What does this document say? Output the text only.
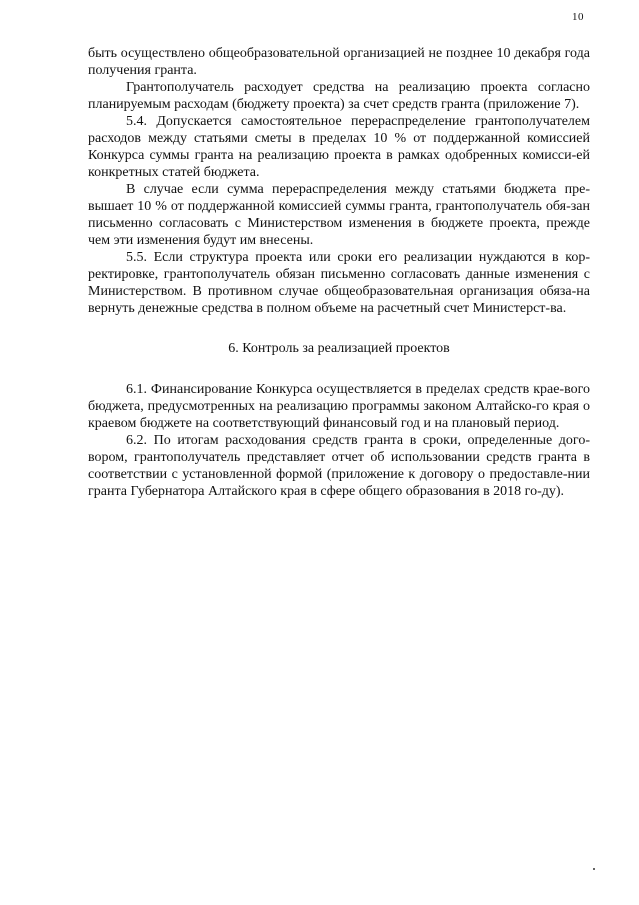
10

быть осуществлено общеобразовательной организацией не позднее 10 декабря года получения гранта.

Грантополучатель расходует средства на реализацию проекта согласно планируемым расходам (бюджету проекта) за счет средств гранта (приложение 7).

5.4. Допускается самостоятельное перераспределение грантополучателем расходов между статьями сметы в пределах 10 % от поддержанной комиссией Конкурса суммы гранта на реализацию проекта в рамках одобренных комисси-ей конкретных статей бюджета.

В случае если сумма перераспределения между статьями бюджета пре-вышает 10 % от поддержанной комиссией суммы гранта, грантополучатель обя-зан письменно согласовать с Министерством изменения в бюджете проекта, прежде чем эти изменения будут им внесены.

5.5. Если структура проекта или сроки его реализации нуждаются в кор-ректировке, грантополучатель обязан письменно согласовать данные изменения с Министерством. В противном случае общеобразовательная организация обяза-на вернуть денежные средства в полном объеме на расчетный счет Министерст-ва.

6. Контроль за реализацией проектов

6.1. Финансирование Конкурса осуществляется в пределах средств краe-вого бюджета, предусмотренных на реализацию программы законом Алтайско-го края о краевом бюджете на соответствующий финансовый год и на плановый период.

6.2. По итогам расходования средств гранта в сроки, определенные дого-вором, грантополучатель представляет отчет об использовании средств гранта в соответствии с установленной формой (приложение к договору о предоставле-нии гранта Губернатора Алтайского края в сфере общего образования в 2018 го-ду).
